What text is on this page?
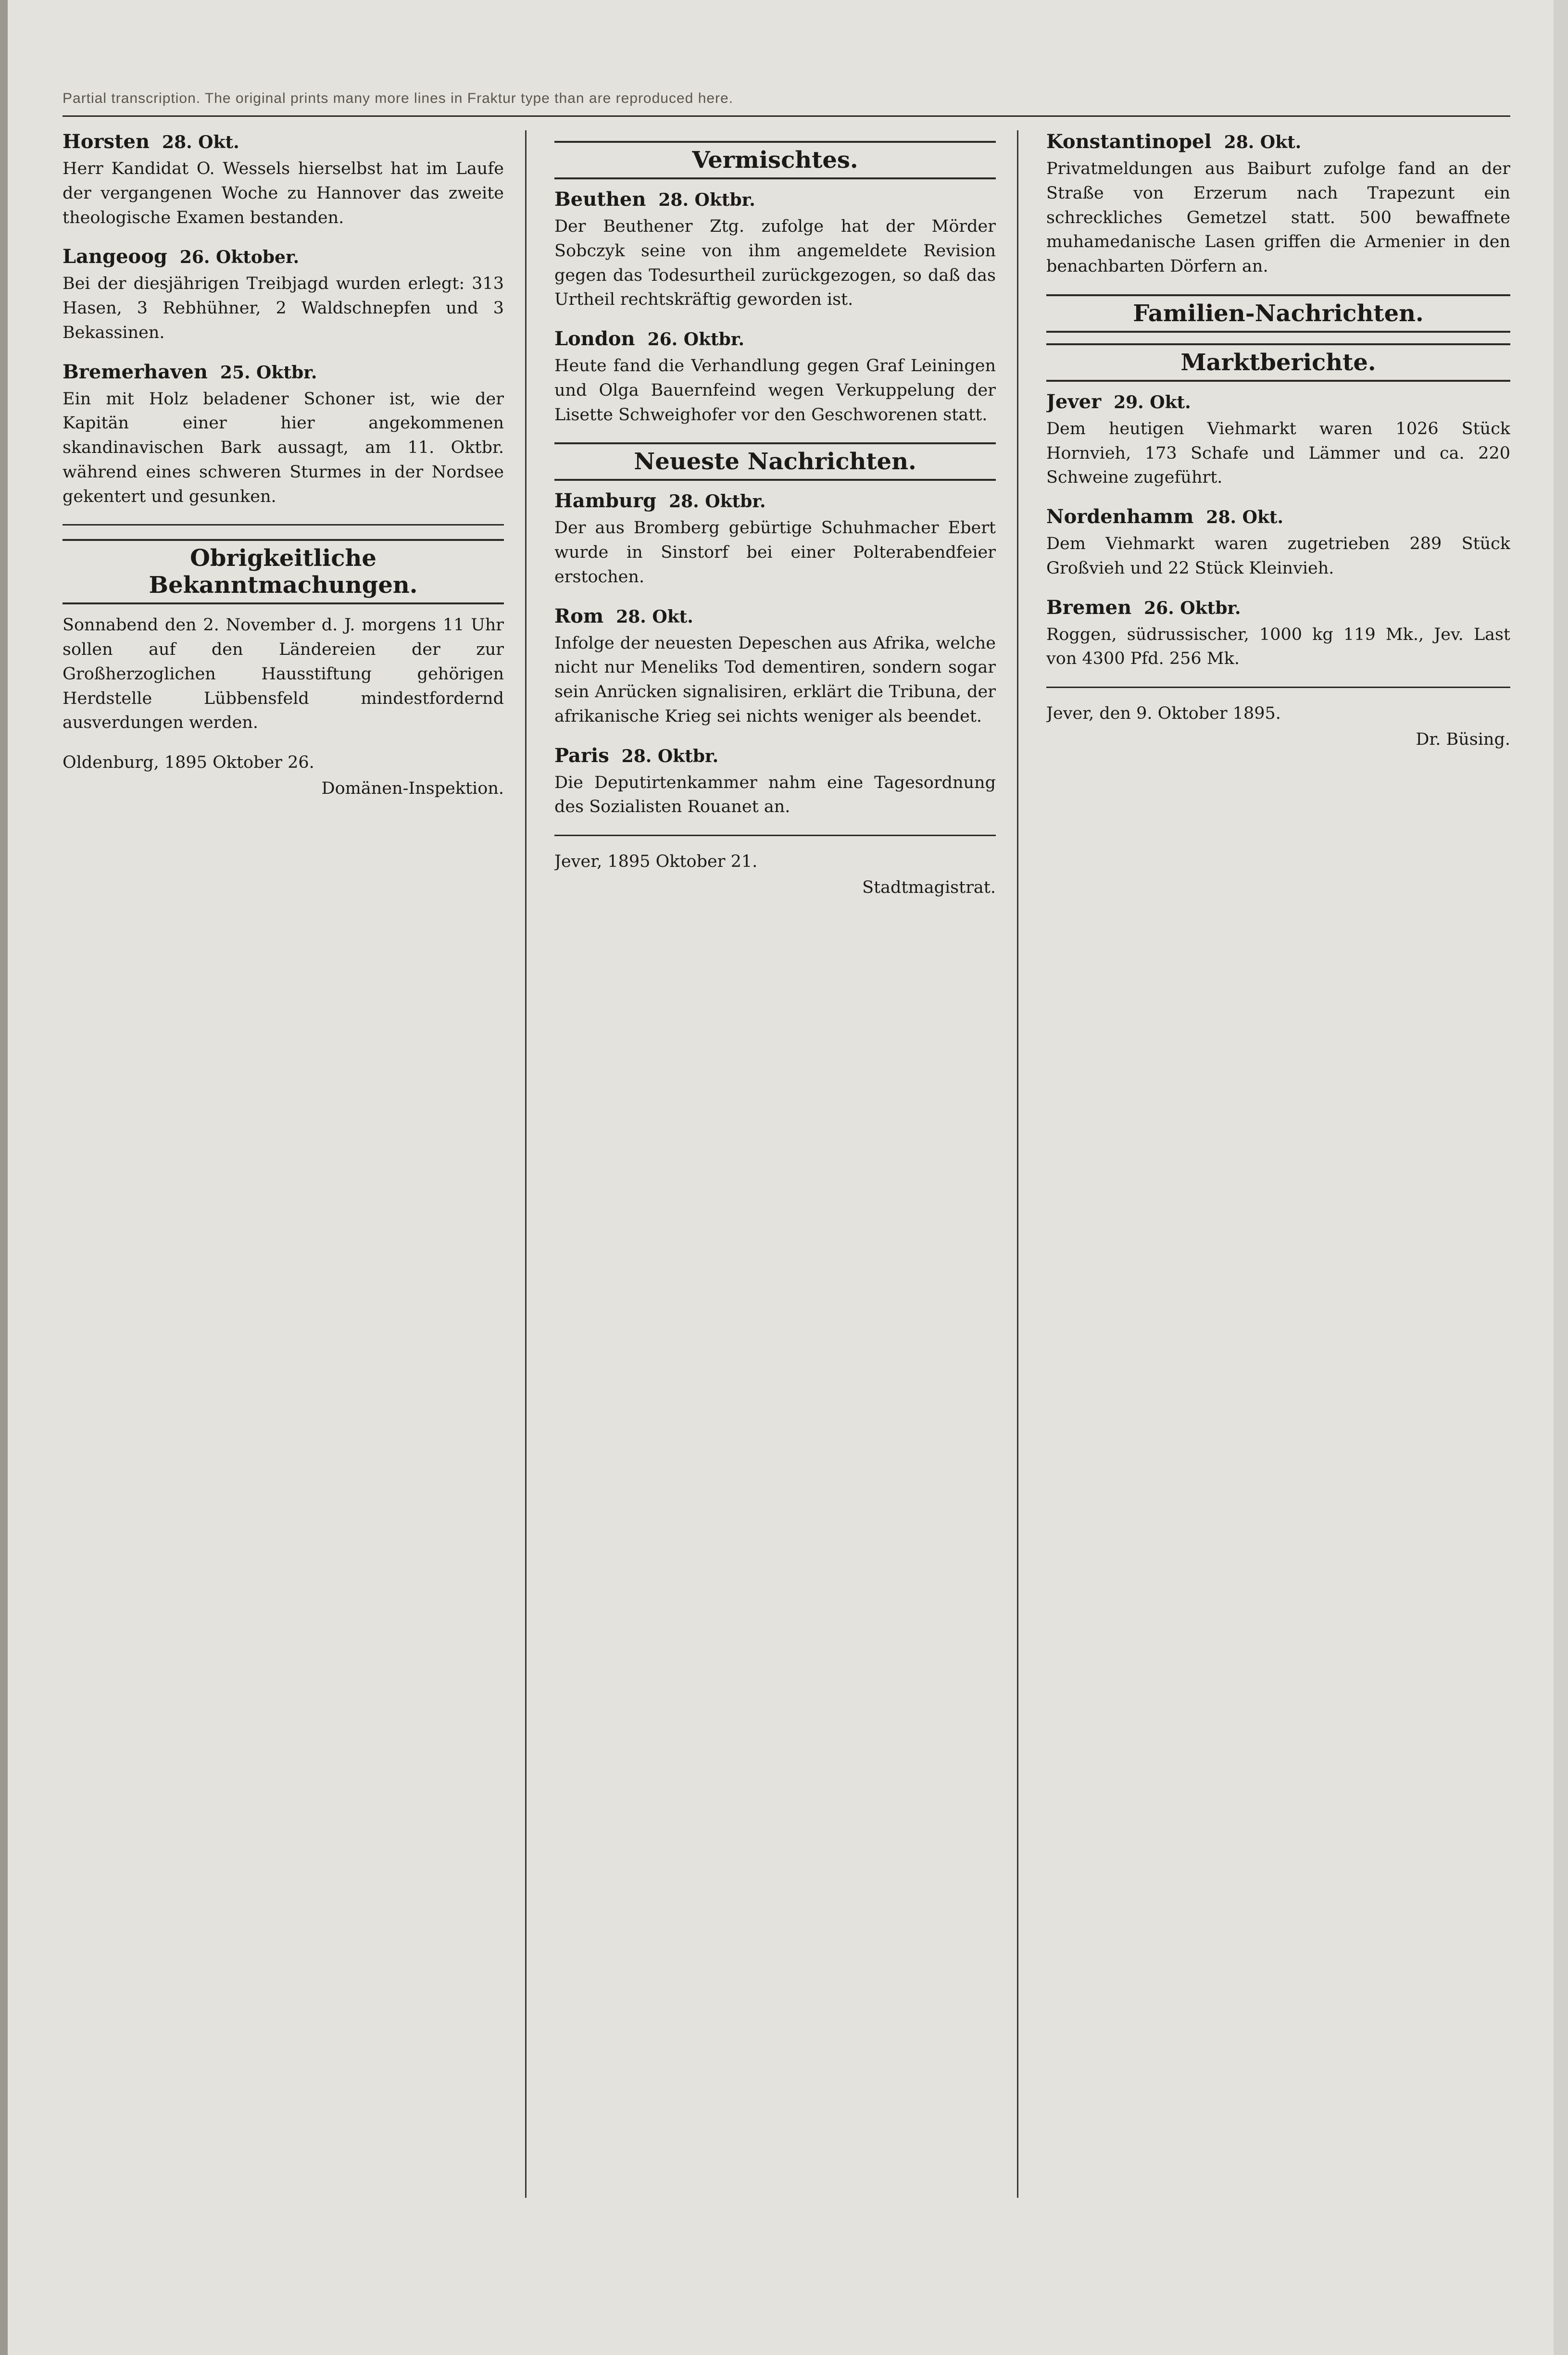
Partial transcription. The original prints many more lines in Fraktur type than are reproduced here.
Horsten 28. Okt.

Herr Kandidat O. Wessels hierselbst hat im Laufe der vergangenen Woche zu Hannover das zweite theologische Examen bestanden.

Langeoog 26. Oktober.

Bei der diesjährigen Treibjagd wurden erlegt: 313 Hasen, 3 Rebhühner, 2 Waldschnepfen und 3 Bekassinen.

Bremerhaven 25. Oktbr.

Ein mit Holz beladener Schoner ist, wie der Kapitän einer hier angekommenen skandinavischen Bark aussagt, am 11. Oktbr. während eines schweren Sturmes in der Nordsee gekentert und gesunken.

Obrigkeitliche Bekanntmachungen.

Sonnabend den 2. November d. J. morgens 11 Uhr sollen auf den Ländereien der zur Großherzoglichen Hausstiftung gehörigen Herdstelle Lübbensfeld mindestfordernd ausverdungen werden.

Oldenburg, 1895 Oktober 26.

Domänen-Inspektion.
Vermischtes.
Beuthen 28. Oktbr.

Der Beuthener Ztg. zufolge hat der Mörder Sobczyk seine von ihm angemeldete Revision gegen das Todesurtheil zurückgezogen, so daß das Urtheil rechtskräftig geworden ist.

London 26. Oktbr.

Heute fand die Verhandlung gegen Graf Leiningen und Olga Bauernfeind wegen Verkuppelung der Lisette Schweighofer vor den Geschworenen statt.

Neueste Nachrichten.
Hamburg 28. Oktbr.

Der aus Bromberg gebürtige Schuhmacher Ebert wurde in Sinstorf bei einer Polterabendfeier erstochen.

Rom 28. Okt.

Infolge der neuesten Depeschen aus Afrika, welche nicht nur Meneliks Tod dementiren, sondern sogar sein Anrücken signalisiren, erklärt die Tribuna, der afrikanische Krieg sei nichts weniger als beendet.

Paris 28. Oktbr.

Die Deputirtenkammer nahm eine Tagesordnung des Sozialisten Rouanet an.

Jever, 1895 Oktober 21.

Stadtmagistrat.
Konstantinopel 28. Okt.

Privatmeldungen aus Baiburt zufolge fand an der Straße von Erzerum nach Trapezunt ein schreckliches Gemetzel statt. 500 bewaffnete muhamedanische Lasen griffen die Armenier in den benachbarten Dörfern an.

Familien-Nachrichten.
Marktberichte.
Jever 29. Okt.

Dem heutigen Viehmarkt waren 1026 Stück Hornvieh, 173 Schafe und Lämmer und ca. 220 Schweine zugeführt.

Nordenhamm 28. Okt.

Dem Viehmarkt waren zugetrieben 289 Stück Großvieh und 22 Stück Kleinvieh.

Bremen 26. Oktbr.

Roggen, südrussischer, 1000 kg 119 Mk., Jev. Last von 4300 Pfd. 256 Mk.

Jever, den 9. Oktober 1895.

Dr. Büsing.
